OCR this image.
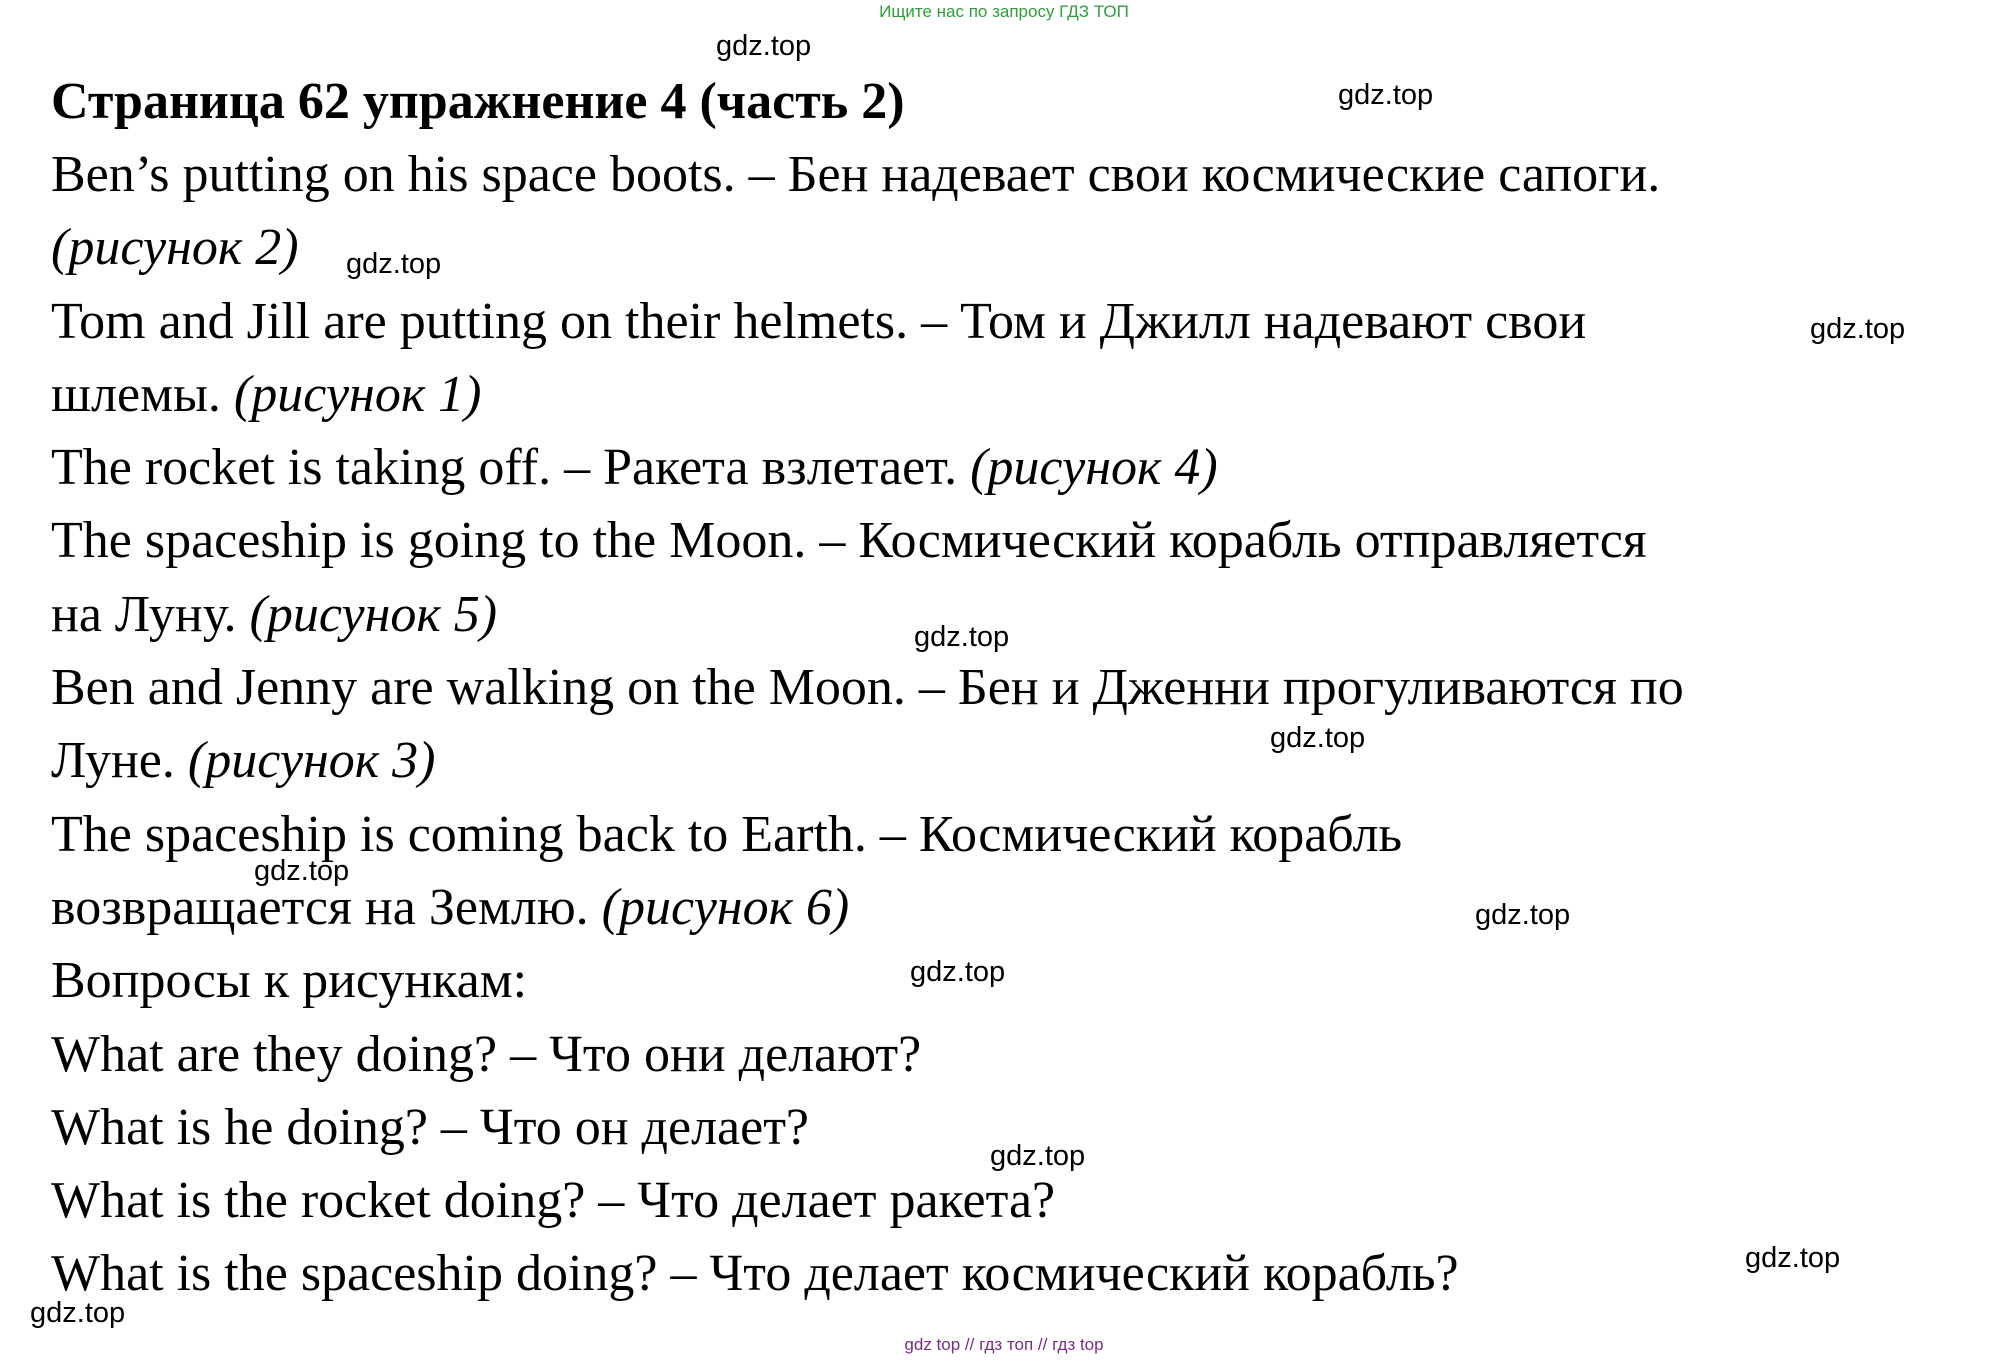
Ищите нас по запросу ГДЗ ТОП
Страница 62 упражнение 4 (часть 2)

Ben’s putting on his space boots. – Бен надевает свои космические сапоги.

(рисунок 2)

Tom and Jill are putting on their helmets. – Том и Джилл надевают свои

шлемы. (рисунок 1)

The rocket is taking off. – Ракета взлетает. (рисунок 4)

The spaceship is going to the Moon. – Космический корабль отправляется

на Луну. (рисунок 5)

Ben and Jenny are walking on the Moon. – Бен и Дженни прогуливаются по

Луне. (рисунок 3)

The spaceship is coming back to Earth. – Космический корабль

возвращается на Землю. (рисунок 6)

Вопросы к рисункам:

What are they doing? – Что они делают?

What is he doing? – Что он делает?

What is the rocket doing? – Что делает ракета?

What is the spaceship doing? – Что делает космический корабль?

gdz.top
gdz.top
gdz.top
gdz.top
gdz.top
gdz.top
gdz.top
gdz.top
gdz.top
gdz.top
gdz.top
gdz.top
gdz top // гдз топ // гдз top
